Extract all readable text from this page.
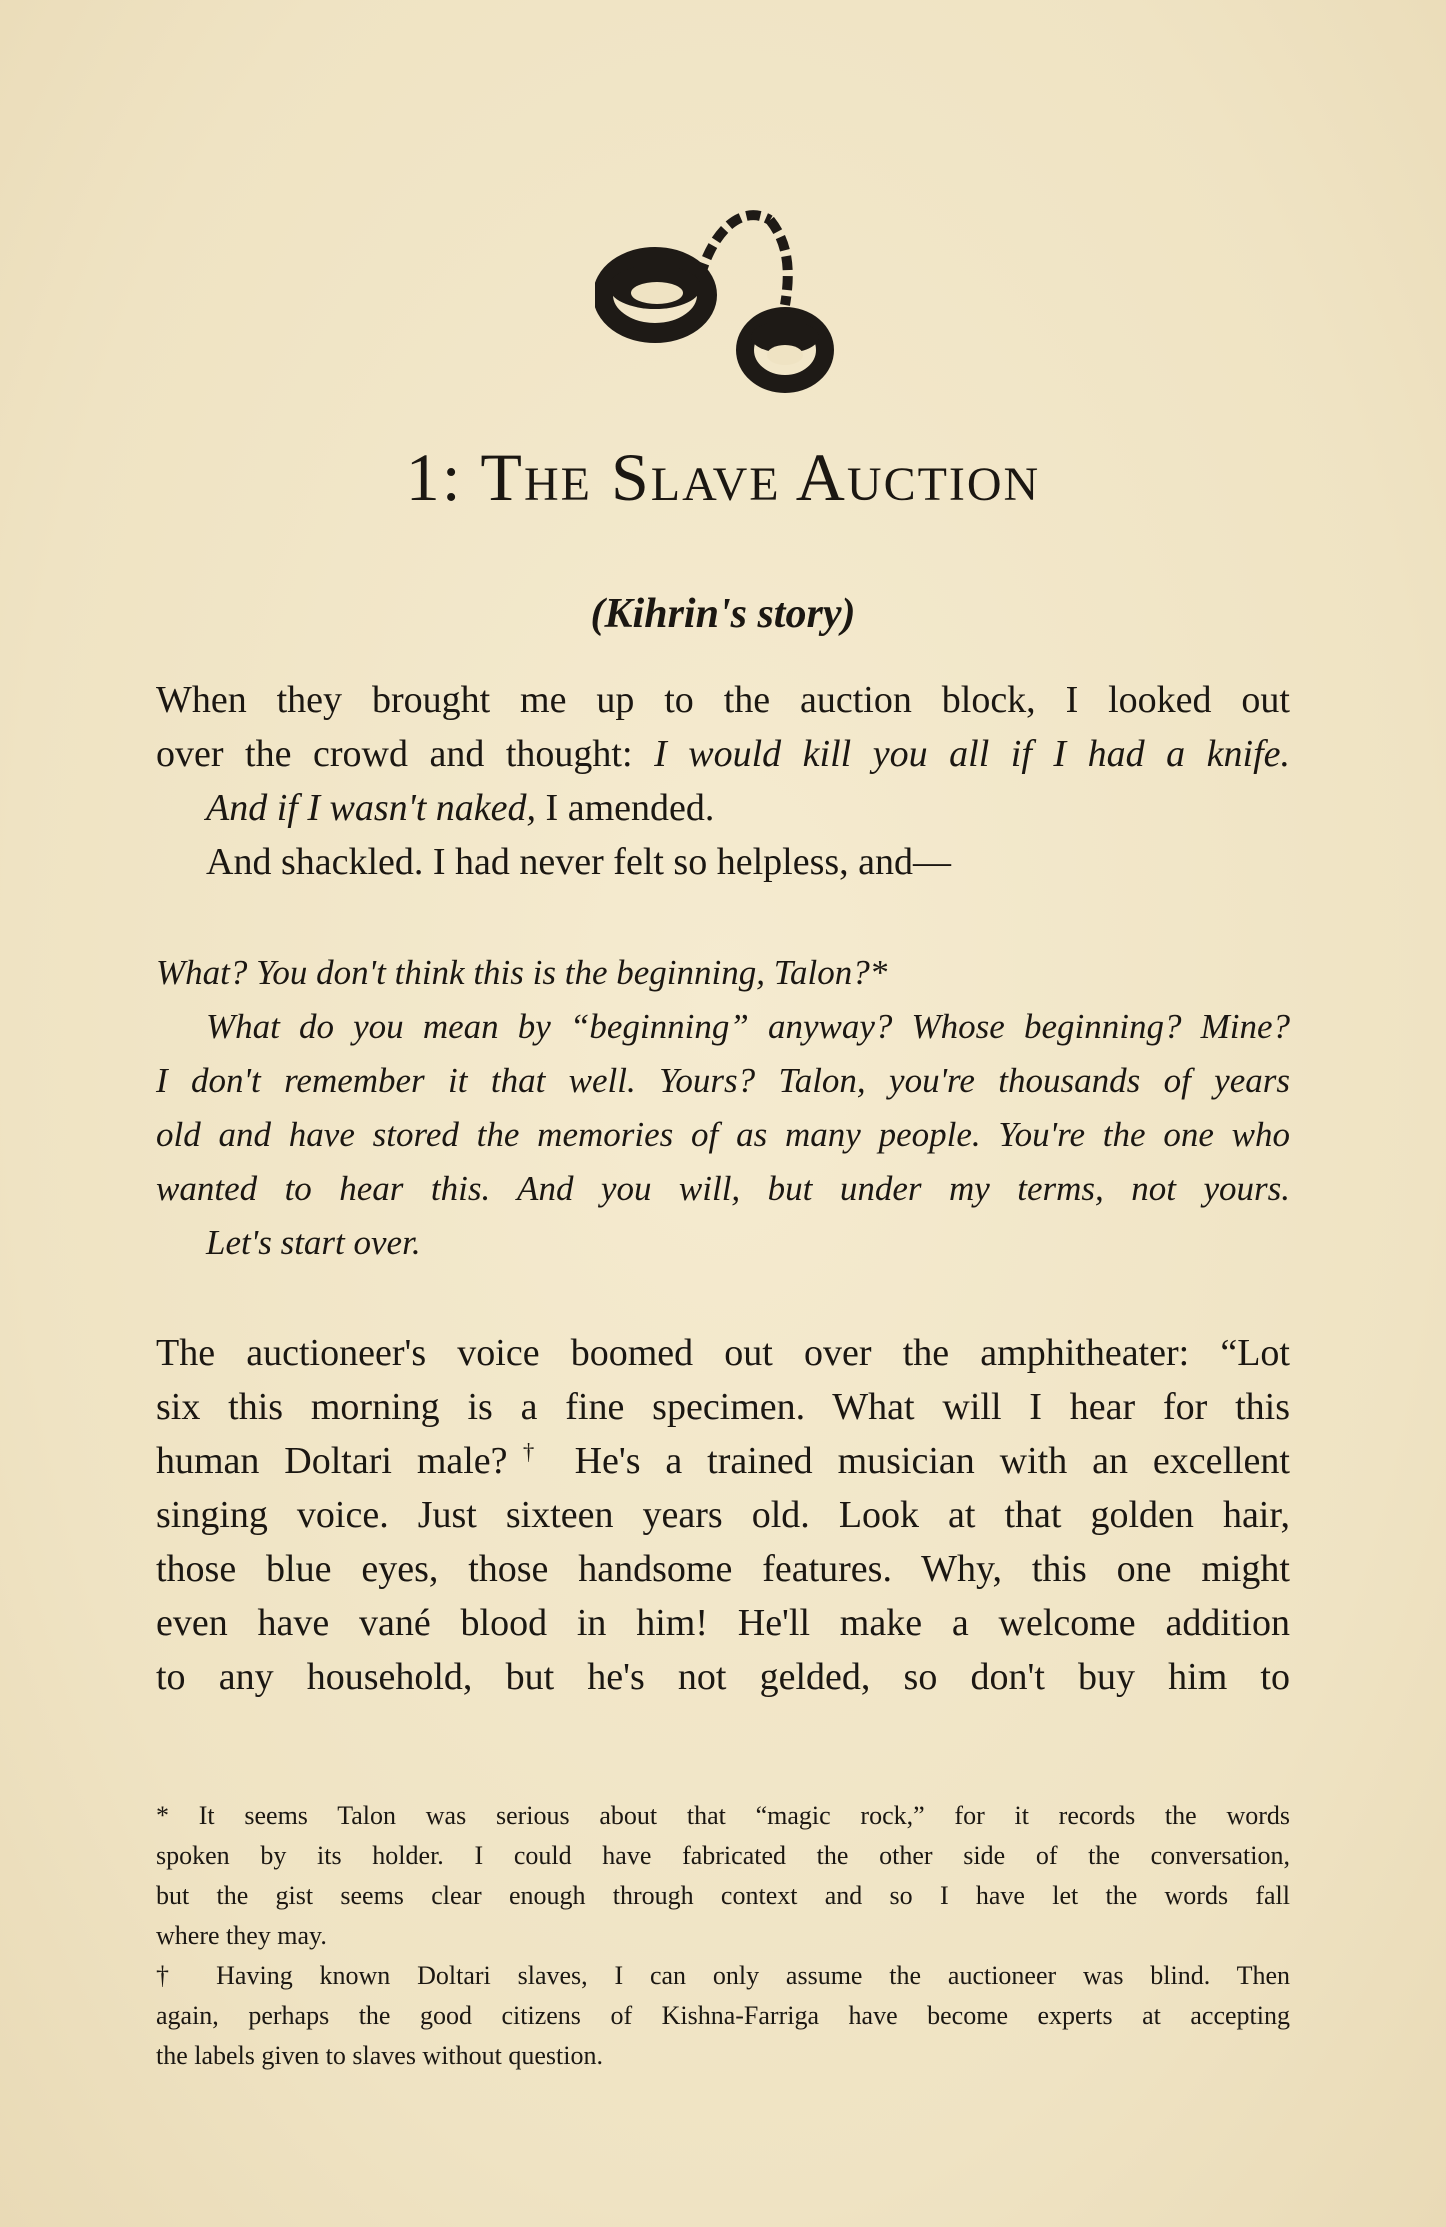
1: The Slave Auction
(Kihrin's story)
When they brought me up to the auction block, I looked out
over the crowd and thought: I would kill you all if I had a knife.
And if I wasn't naked, I amended.
And shackled. I had never felt so helpless, and—
What? You don't think this is the beginning, Talon?*
What do you mean by “beginning” anyway? Whose beginning? Mine?
I don't remember it that well. Yours? Talon, you're thousands of years
old and have stored the memories of as many people. You're the one who
wanted to hear this. And you will, but under my terms, not yours.
Let's start over.
The auctioneer's voice boomed out over the amphitheater: “Lot
six this morning is a fine specimen. What will I hear for this
human Doltari male?† He's a trained musician with an excellent
singing voice. Just sixteen years old. Look at that golden hair,
those blue eyes, those handsome features. Why, this one might
even have vané blood in him! He'll make a welcome addition
to any household, but he's not gelded, so don't buy him to
* It seems Talon was serious about that “magic rock,” for it records the words
spoken by its holder. I could have fabricated the other side of the conversation,
but the gist seems clear enough through context and so I have let the words fall
where they may.
† Having known Doltari slaves, I can only assume the auctioneer was blind. Then
again, perhaps the good citizens of Kishna-Farriga have become experts at accepting
the labels given to slaves without question.
